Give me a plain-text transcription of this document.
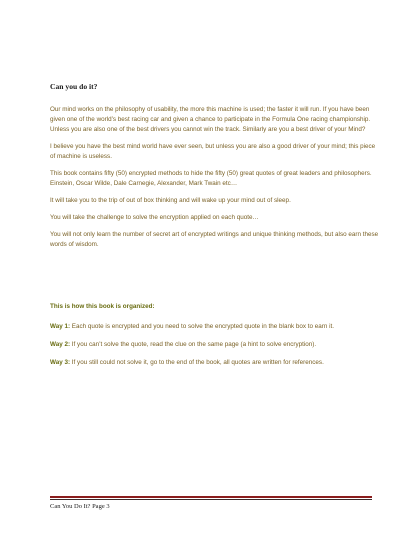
Can you do it?

Our mind works on the philosophy of usability, the more this machine is used; the faster it will run. If you have been given one of the world’s best racing car and given a chance to participate in the Formula One racing championship. Unless you are also one of the best drivers you cannot win the track. Similarly are you a best driver of your Mind?

I believe you have the best mind world have ever seen, but unless you are also a good driver of your mind; this piece of machine is useless.

This book contains fifty (50) encrypted methods to hide the fifty (50) great quotes of great leaders and philosophers. Einstein, Oscar Wilde, Dale Carnegie, Alexander, Mark Twain etc…

It will take you to the trip of out of box thinking and will wake up your mind out of sleep.

You will take the challenge to solve the encryption applied on each quote…

You will not only learn the number of secret art of encrypted writings and unique thinking methods, but also earn these words of wisdom.

This is how this book is organized:

Way 1: Each quote is encrypted and you need to solve the encrypted quote in the blank box to earn it.

Way 2: If you can’t solve the quote, read the clue on the same page (a hint to solve encryption).

Way 3: If you still could not solve it, go to the end of the book, all quotes are written for references.

Can You Do It? Page 3
